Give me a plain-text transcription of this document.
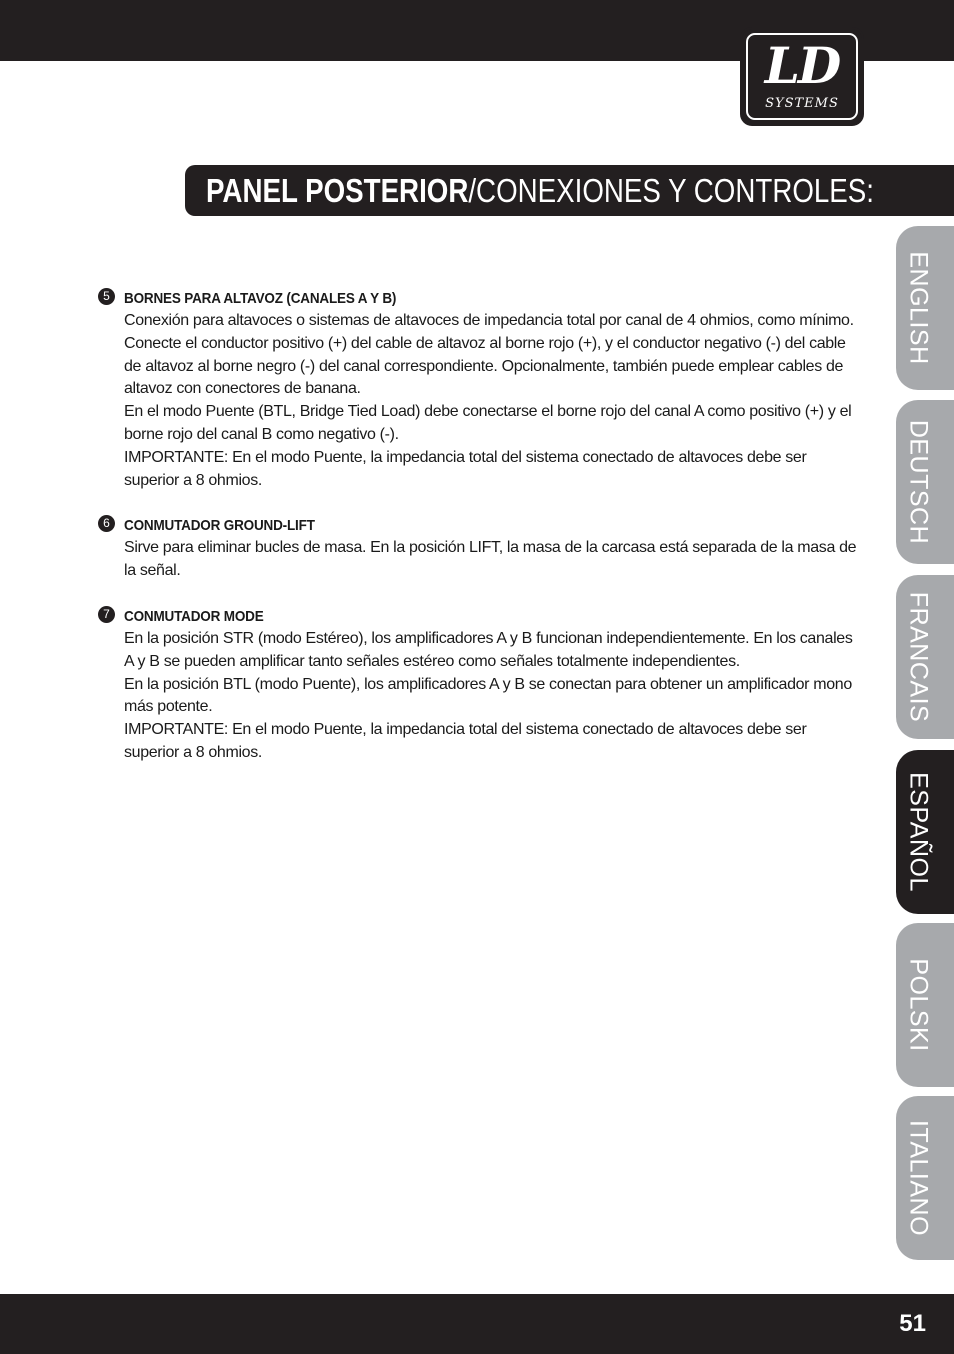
LD
SYSTEMS
PANEL POSTERIOR/CONEXIONES Y CONTROLES:
5 BORNES PARA ALTAVOZ (CANALES A Y B)
Conexión para altavoces o sistemas de altavoces de impedancia total por canal de 4 ohmios, como mínimo. Conecte el conductor positivo (+) del cable de altavoz al borne rojo (+), y el conductor negativo (-) del cable de altavoz al borne negro (-) del canal correspondiente. Opcionalmente, también puede emplear cables de altavoz con conectores de banana.
En el modo Puente (BTL, Bridge Tied Load) debe conectarse el borne rojo del canal A como positivo (+) y el borne rojo del canal B como negativo (-).
IMPORTANTE: En el modo Puente, la impedancia total del sistema conectado de altavoces debe ser superior a 8 ohmios.
6 CONMUTADOR GROUND-LIFT
Sirve para eliminar bucles de masa. En la posición LIFT, la masa de la carcasa está separada de la masa de la señal.
7 CONMUTADOR MODE
En la posición STR (modo Estéreo), los amplificadores A y B funcionan independientemente. En los canales A y B se pueden amplificar tanto señales estéreo como señales totalmente independientes.
En la posición BTL (modo Puente), los amplificadores A y B se conectan para obtener un amplificador mono más potente.
IMPORTANTE: En el modo Puente, la impedancia total del sistema conectado de altavoces debe ser superior a 8 ohmios.
ENGLISH
DEUTSCH
FRANCAIS
ESPAÑOL
POLSKI
ITALIANO
51
